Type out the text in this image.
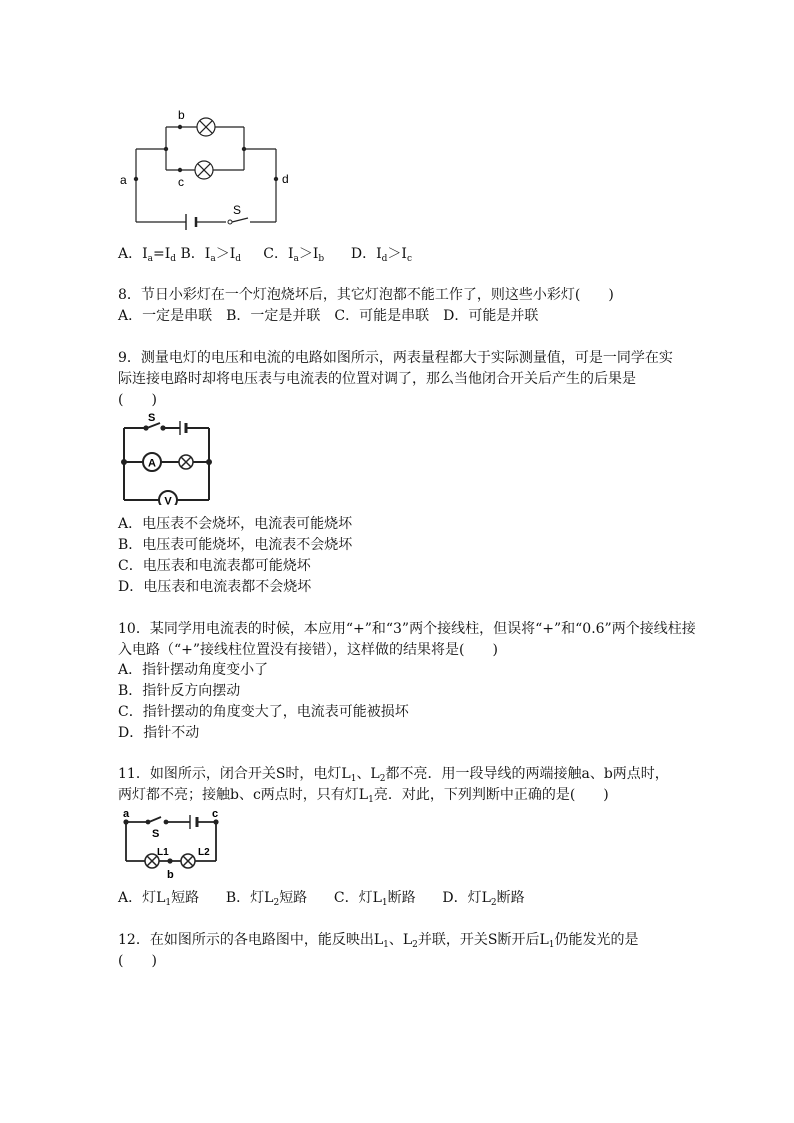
b
c
a	d
S
A．$I_a=I_d$ B．$I_a>I_d$ C．$I_a>I_b$ D．$I_d>I_c$
8．节日小彩灯在一个灯泡烧坏后，其它灯泡都不能工作了，则这些小彩灯(　　)
A．一定是串联　B．一定是并联　C．可能是串联　D．可能是并联
9．测量电灯的电压和电流的电路如图所示，两表量程都大于实际测量值，可是一同学在实
际连接电路时却将电压表与电流表的位置对调了，那么当他闭合开关后产生的后果是
(　　)
A
V
S
A．电压表不会烧坏，电流表可能烧坏
B．电压表可能烧坏，电流表不会烧坏
C．电压表和电流表都可能烧坏
D．电压表和电流表都不会烧坏
10．某同学用电流表的时候，本应用“+”和“3”两个接线柱，但误将“+”和“0.6”两个接线柱接
入电路（“+”接线柱位置没有接错），这样做的结果将是(　　)
A．指针摆动角度变小了
B．指针反方向摆动
C．指针摆动的角度变大了，电流表可能被损坏
D．指针不动
11．如图所示，闭合开关S时，电灯$L_1$、$L_2$都不亮．用一段导线的两端接触a、b两点时，
两灯都不亮；接触b、c两点时，只有灯$L_1$亮．对此，下列判断中正确的是(　　)
a	c
S
L1	L2
b
A．灯$L_1$短路 B．灯$L_2$短路 C．灯$L_1$断路 D．灯$L_2$断路
12．在如图所示的各电路图中，能反映出$L_1$、$L_2$并联，开关S断开后$L_1$仍能发光的是
(　　)
